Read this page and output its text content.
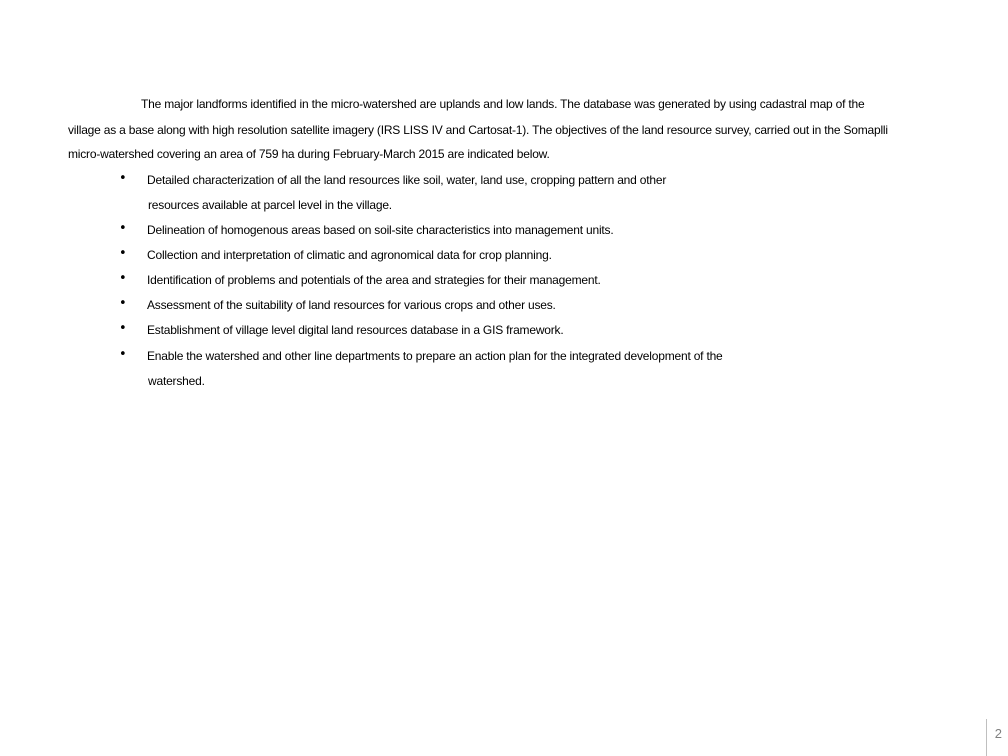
The major landforms identified in the micro-watershed are uplands and low lands. The database was generated by using cadastral map of the
village as a base along with high resolution satellite imagery (IRS LISS IV and Cartosat-1). The objectives of the land resource survey, carried out in the Somaplli
micro-watershed covering an area of 759 ha during February-March 2015 are indicated below.
• Detailed characterization of all the land resources like soil, water, land use, cropping pattern and other
resources available at parcel level in the village.
• Delineation of homogenous areas based on soil-site characteristics into management units.
• Collection and interpretation of climatic and agronomical data for crop planning.
• Identification of problems and potentials of the area and strategies for their management.
• Assessment of the suitability of land resources for various crops and other uses.
• Establishment of village level digital land resources database in a GIS framework.
• Enable the watershed and other line departments to prepare an action plan for the integrated development of the
watershed.
2
